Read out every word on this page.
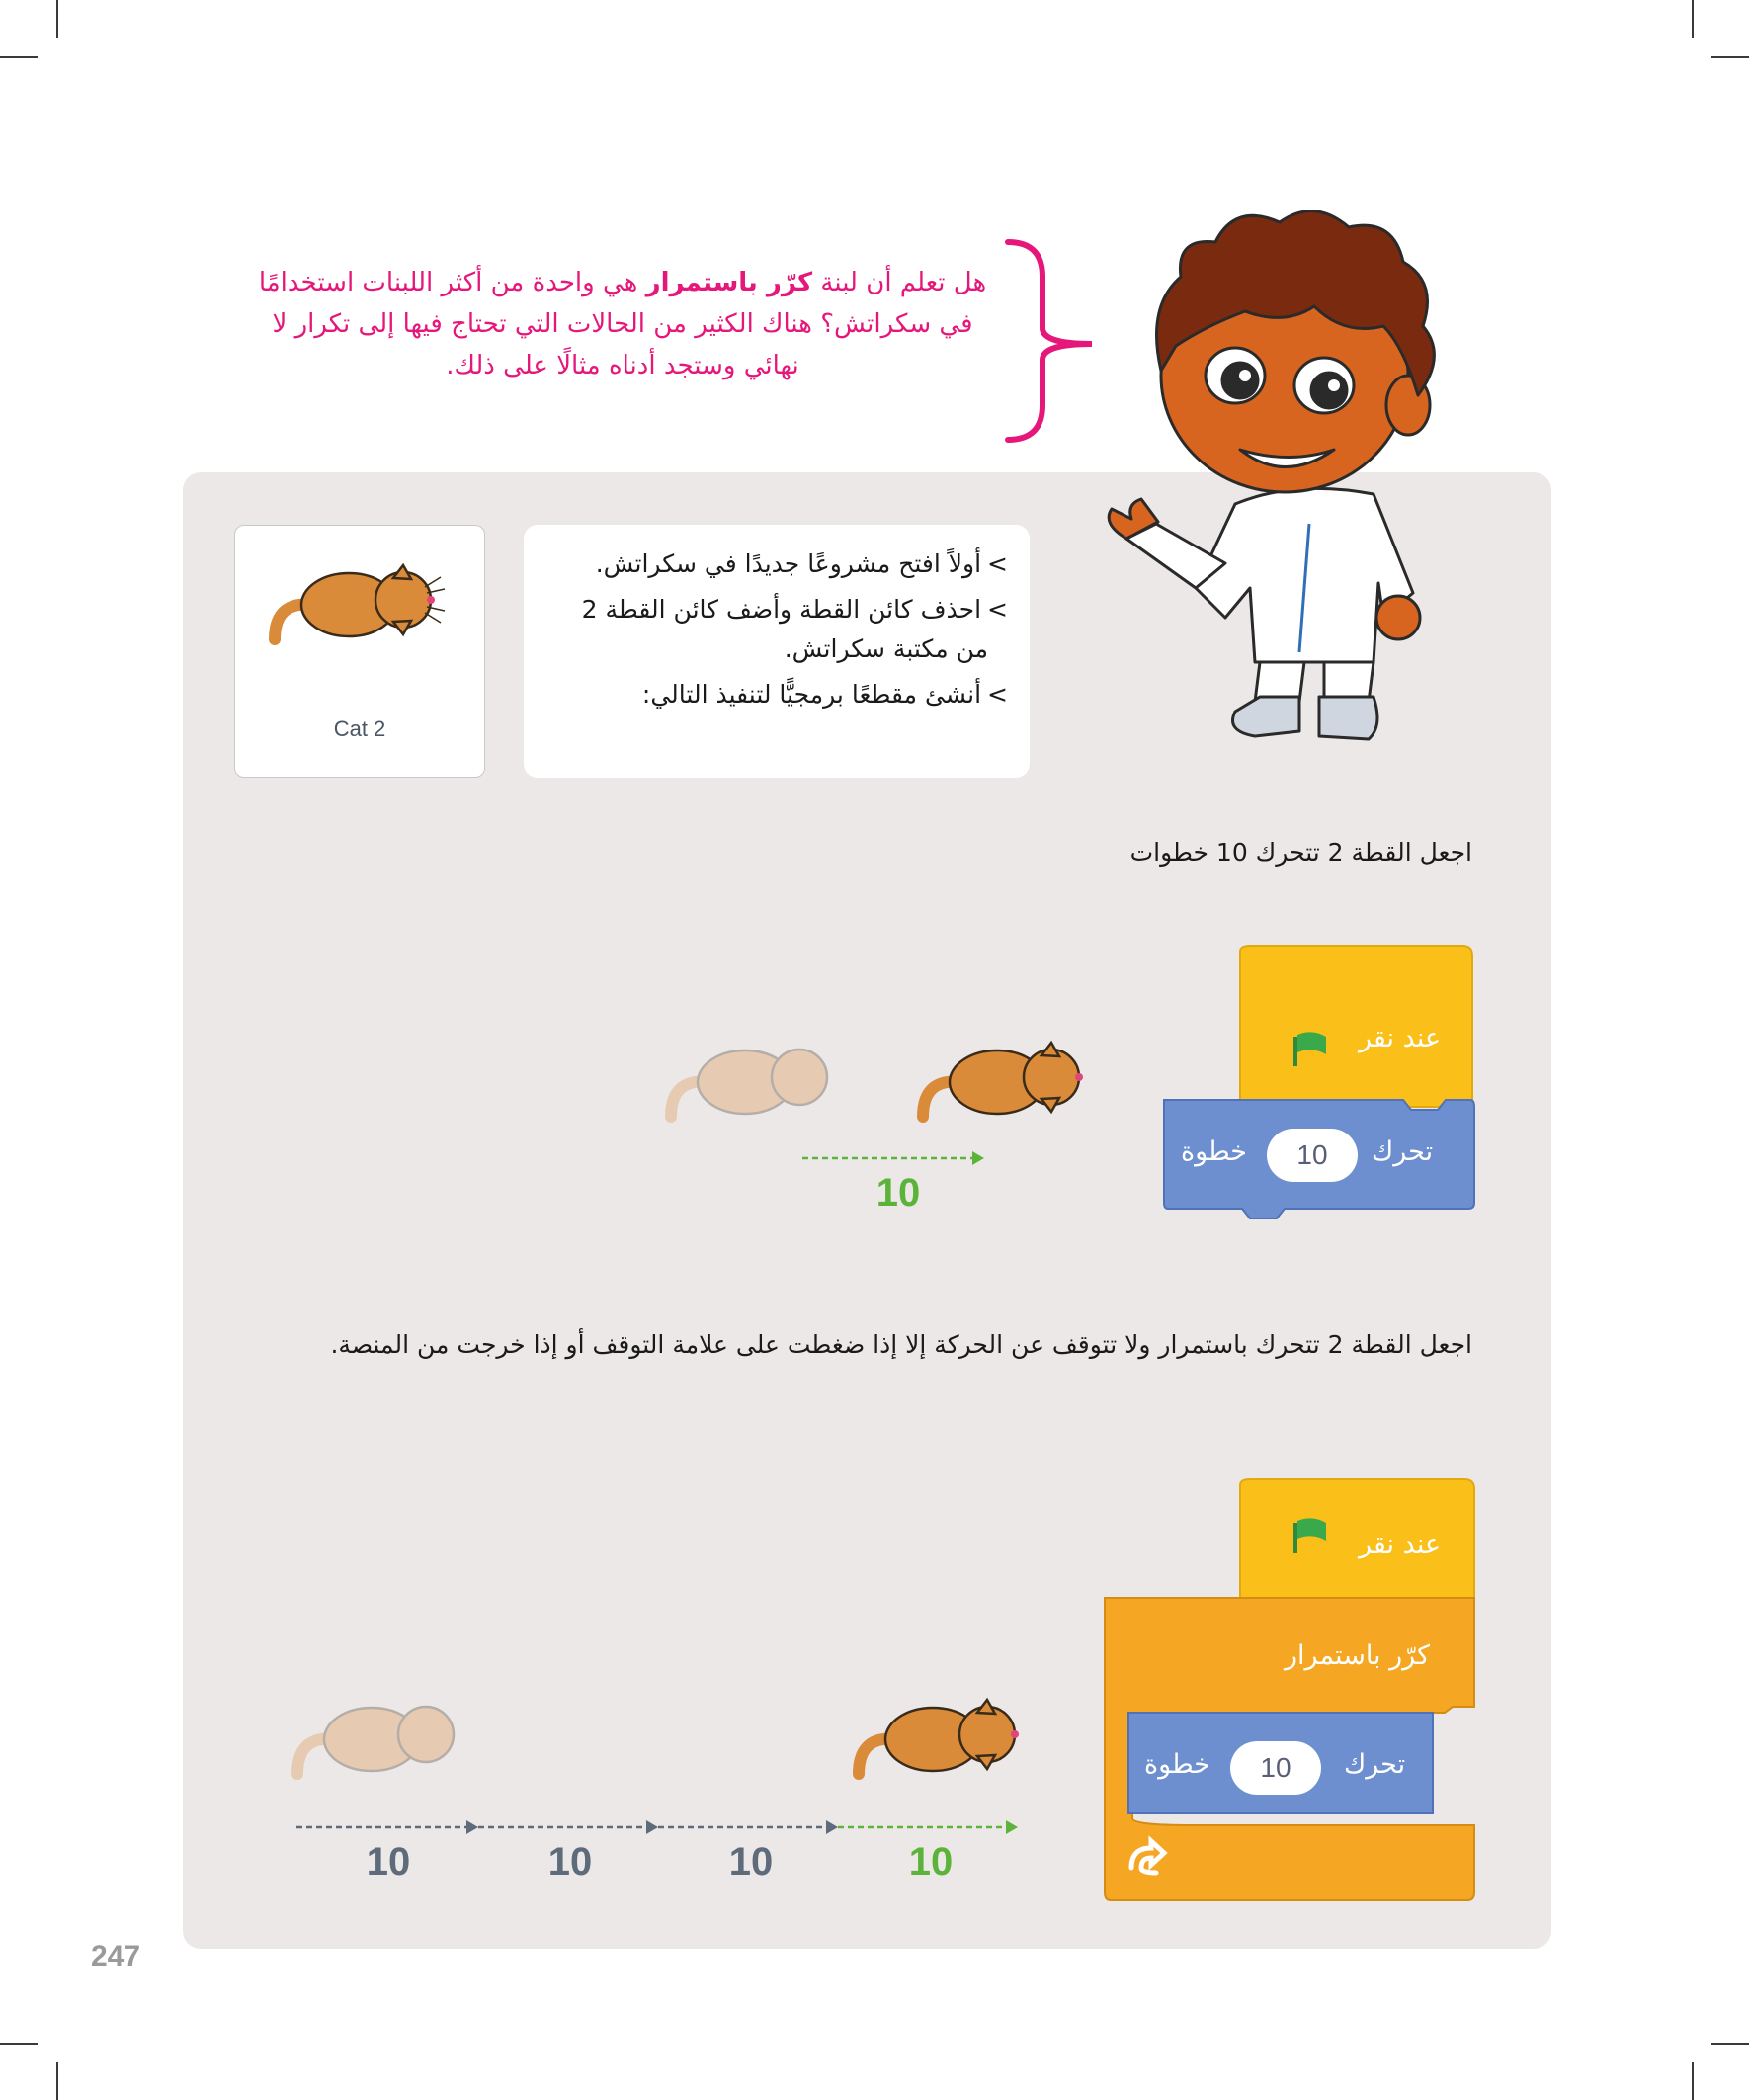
هل تعلم أن لبنة كرّر باستمرار هي واحدة من أكثر اللبنات استخدامًا في سكراتش؟ هناك الكثير من الحالات التي تحتاج فيها إلى تكرار لا نهائي وستجد أدناه مثالًا على ذلك.
Cat 2
>أولاً افتح مشروعًا جديدًا في سكراتش.
>احذف كائن القطة وأضف كائن القطة 2
من مكتبة سكراتش.
>أنشئ مقطعًا برمجيًّا لتنفيذ التالي:
اجعل القطة 2 تتحرك 10 خطوات
عند نقر
تحرك
10
خطوة
10
اجعل القطة 2 تتحرك باستمرار ولا تتوقف عن الحركة إلا إذا ضغطت على علامة التوقف أو إذا خرجت من المنصة.
عند نقر
كرّر باستمرار
تحرك
10
خطوة
10	10	10	10
247
